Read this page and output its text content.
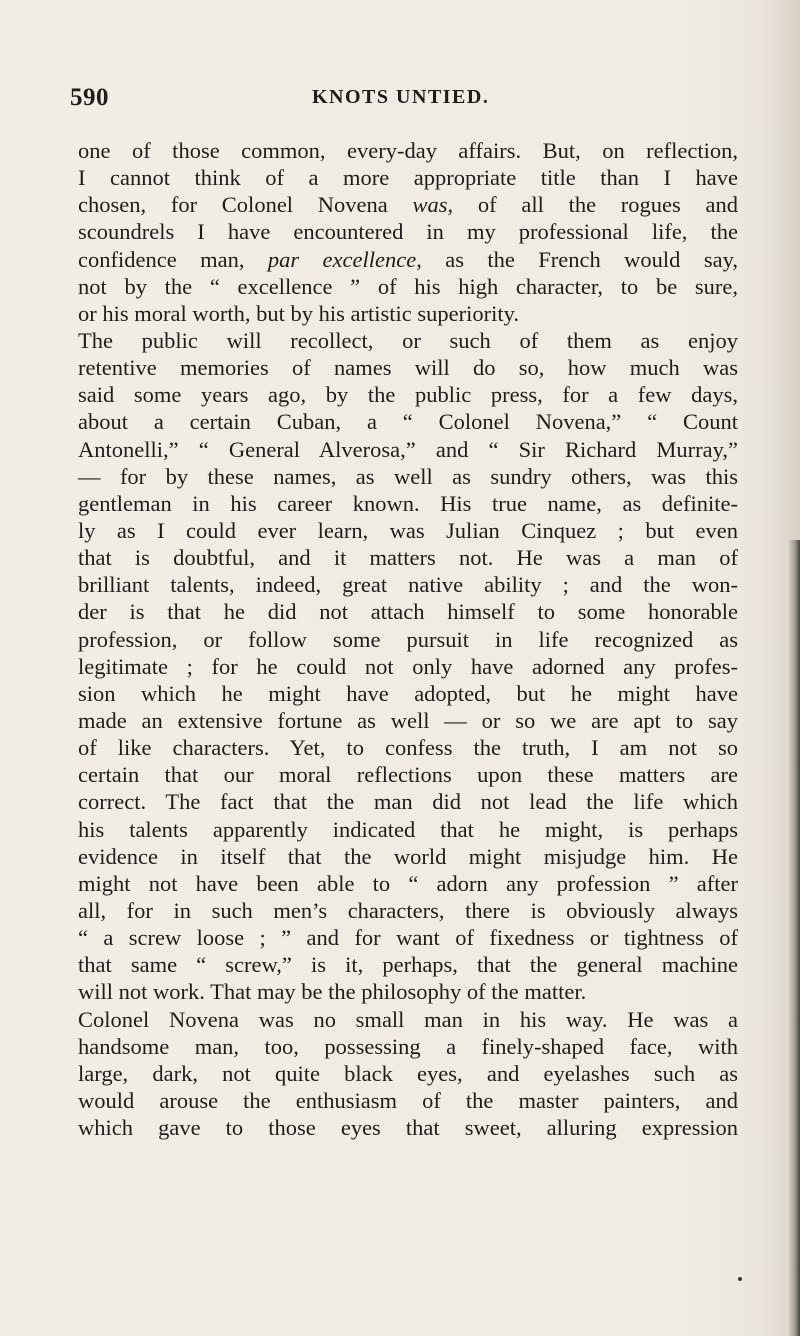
590	KNOTS UNTIED.
one of those common, every-day affairs. But, on reflection,
I cannot think of a more appropriate title than I have
chosen, for Colonel Novena was, of all the rogues and
scoundrels I have encountered in my professional life, the
confidence man, par excellence, as the French would say,
not by the “ excellence ” of his high character, to be sure,
or his moral worth, but by his artistic superiority.
The public will recollect, or such of them as enjoy
retentive memories of names will do so, how much was
said some years ago, by the public press, for a few days,
about a certain Cuban, a “ Colonel Novena,” “ Count
Antonelli,” “ General Alverosa,” and “ Sir Richard Murray,”
— for by these names, as well as sundry others, was this
gentleman in his career known. His true name, as definite-
ly as I could ever learn, was Julian Cinquez ; but even
that is doubtful, and it matters not. He was a man of
brilliant talents, indeed, great native ability ; and the won-
der is that he did not attach himself to some honorable
profession, or follow some pursuit in life recognized as
legitimate ; for he could not only have adorned any profes-
sion which he might have adopted, but he might have
made an extensive fortune as well — or so we are apt to say
of like characters. Yet, to confess the truth, I am not so
certain that our moral reflections upon these matters are
correct. The fact that the man did not lead the life which
his talents apparently indicated that he might, is perhaps
evidence in itself that the world might misjudge him. He
might not have been able to “ adorn any profession ” after
all, for in such men’s characters, there is obviously always
“ a screw loose ; ” and for want of fixedness or tightness of
that same “ screw,” is it, perhaps, that the general machine
will not work. That may be the philosophy of the matter.
Colonel Novena was no small man in his way. He was a
handsome man, too, possessing a finely-shaped face, with
large, dark, not quite black eyes, and eyelashes such as
would arouse the enthusiasm of the master painters, and
which gave to those eyes that sweet, alluring expression
